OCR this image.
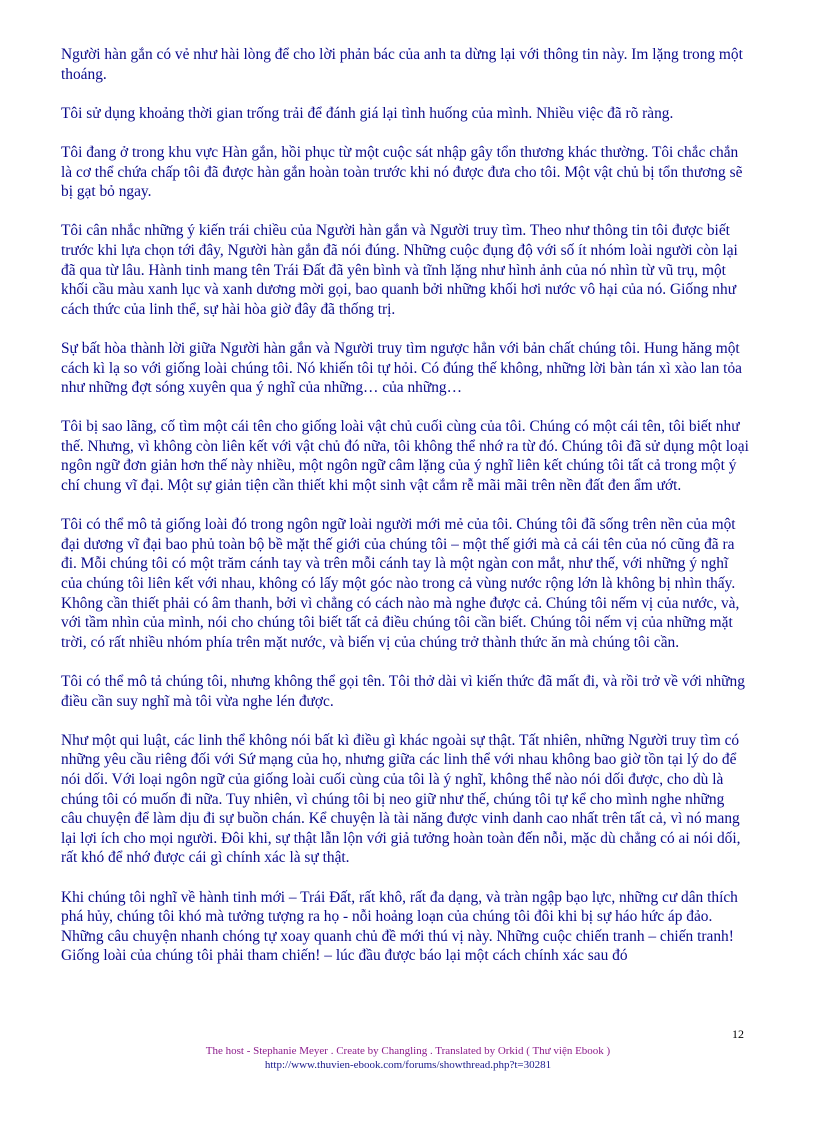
Người hàn gắn có vẻ như hài lòng để cho lời phản bác của anh ta dừng lại với thông tin này. Im lặng trong một thoáng.

Tôi sử dụng khoảng thời gian trống trải để đánh giá lại tình huống của mình. Nhiều việc đã rõ ràng.

Tôi đang ở trong khu vực Hàn gắn, hồi phục từ một cuộc sát nhập gây tổn thương khác thường. Tôi chắc chắn là cơ thể chứa chấp tôi đã được hàn gắn hoàn toàn trước khi nó được đưa cho tôi. Một vật chủ bị tổn thương sẽ bị gạt bỏ ngay.

Tôi cân nhắc những ý kiến trái chiều của Người hàn gắn và Người truy tìm. Theo như thông tin tôi được biết trước khi lựa chọn tới đây, Người hàn gắn đã nói đúng. Những cuộc đụng độ với số ít nhóm loài người còn lại đã qua từ lâu. Hành tinh mang tên Trái Đất đã yên bình và tĩnh lặng như hình ảnh của nó nhìn từ vũ trụ, một khối cầu màu xanh lục và xanh dương mời gọi, bao quanh bởi những khối hơi nước vô hại của nó. Giống như cách thức của linh thể, sự hài hòa giờ đây đã thống trị.

Sự bất hòa thành lời giữa Người hàn gắn và Người truy tìm ngược hẳn với bản chất chúng tôi. Hung hăng một cách kì lạ so với giống loài chúng tôi. Nó khiến tôi tự hỏi. Có đúng thế không, những lời bàn tán xì xào lan tỏa như những đợt sóng xuyên qua ý nghĩ của những… của những…

Tôi bị sao lãng, cố tìm một cái tên cho giống loài vật chủ cuối cùng của tôi. Chúng có một cái tên, tôi biết như thế. Nhưng, vì không còn liên kết với vật chủ đó nữa, tôi không thể nhớ ra từ đó. Chúng tôi đã sử dụng một loại ngôn ngữ đơn giản hơn thế này nhiều, một ngôn ngữ câm lặng của ý nghĩ liên kết chúng tôi tất cả trong một ý chí chung vĩ đại. Một sự giản tiện cần thiết khi một sinh vật cắm rễ mãi mãi trên nền đất đen ẩm ướt.

Tôi có thể mô tả giống loài đó trong ngôn ngữ loài người mới mẻ của tôi. Chúng tôi đã sống trên nền của một đại dương vĩ đại bao phủ toàn bộ bề mặt thế giới của chúng tôi – một thế giới mà cả cái tên của nó cũng đã ra đi. Mỗi chúng tôi có một trăm cánh tay và trên mỗi cánh tay là một ngàn con mắt, như thế, với những ý nghĩ của chúng tôi liên kết với nhau, không có lấy một góc nào trong cả vùng nước rộng lớn là không bị nhìn thấy. Không cần thiết phải có âm thanh, bởi vì chẳng có cách nào mà nghe được cả. Chúng tôi nếm vị của nước, và, với tầm nhìn của mình, nói cho chúng tôi biết tất cả điều chúng tôi cần biết. Chúng tôi nếm vị của những mặt trời, có rất nhiều nhóm phía trên mặt nước, và biến vị của chúng trở thành thức ăn mà chúng tôi cần.

Tôi có thể mô tả chúng tôi, nhưng không thể gọi tên. Tôi thở dài vì kiến thức đã mất đi, và rồi trở về với những điều cần suy nghĩ mà tôi vừa nghe lén được.

Như một qui luật, các linh thể không nói bất kì điều gì khác ngoài sự thật. Tất nhiên, những Người truy tìm có những yêu cầu riêng đối với Sứ mạng của họ, nhưng giữa các linh thể với nhau không bao giờ tồn tại lý do để nói dối. Với loại ngôn ngữ của giống loài cuối cùng của tôi là ý nghĩ, không thể nào nói dối được, cho dù là chúng tôi có muốn đi nữa. Tuy nhiên, vì chúng tôi bị neo giữ như thế, chúng tôi tự kể cho mình nghe những câu chuyện để làm dịu đi sự buồn chán. Kể chuyện là tài năng được vinh danh cao nhất trên tất cả, vì nó mang lại lợi ích cho mọi người. Đôi khi, sự thật lẫn lộn với giả tưởng hoàn toàn đến nỗi, mặc dù chẳng có ai nói dối, rất khó để nhớ được cái gì chính xác là sự thật.

Khi chúng tôi nghĩ về hành tinh mới – Trái Đất, rất khô, rất đa dạng, và tràn ngập bạo lực, những cư dân thích phá hủy, chúng tôi khó mà tưởng tượng ra họ - nỗi hoảng loạn của chúng tôi đôi khi bị sự háo hức áp đảo. Những câu chuyện nhanh chóng tự xoay quanh chủ đề mới thú vị này. Những cuộc chiến tranh – chiến tranh! Giống loài của chúng tôi phải tham chiến! – lúc đầu được báo lại một cách chính xác sau đó

12
The host - Stephanie Meyer . Create by Changling . Translated by Orkid ( Thư viện Ebook )
http://www.thuvien-ebook.com/forums/showthread.php?t=30281
